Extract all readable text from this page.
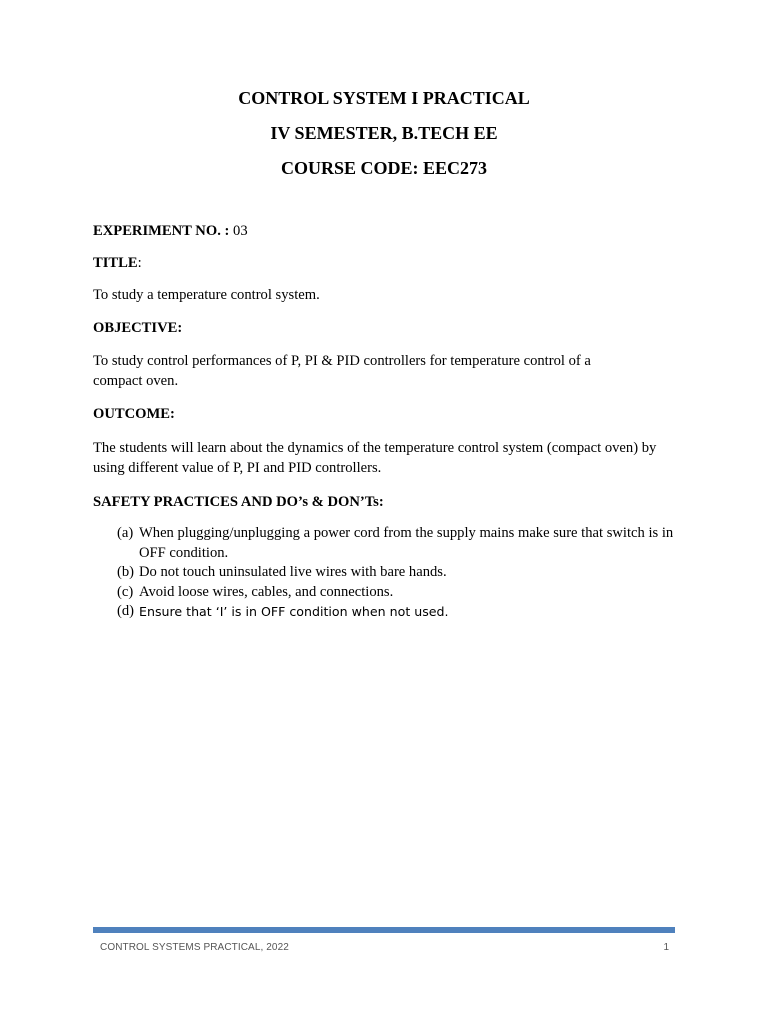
CONTROL SYSTEM I PRACTICAL
IV SEMESTER, B.TECH EE
COURSE CODE: EEC273
EXPERIMENT NO. : 03
TITLE:
To study a temperature control system.
OBJECTIVE:
To study control performances of P, PI & PID controllers for temperature control of a compact oven.
OUTCOME:
The students will learn about the dynamics of the temperature control system (compact oven) by using different value of P, PI and PID controllers.
SAFETY PRACTICES AND DO’s & DON’Ts:
(a) When plugging/unplugging a power cord from the supply mains make sure that switch is in OFF condition.
(b) Do not touch uninsulated live wires with bare hands.
(c) Avoid loose wires, cables, and connections.
(d) Ensure that ‘I’ is in OFF condition when not used.
CONTROL SYSTEMS PRACTICAL, 2022	1
